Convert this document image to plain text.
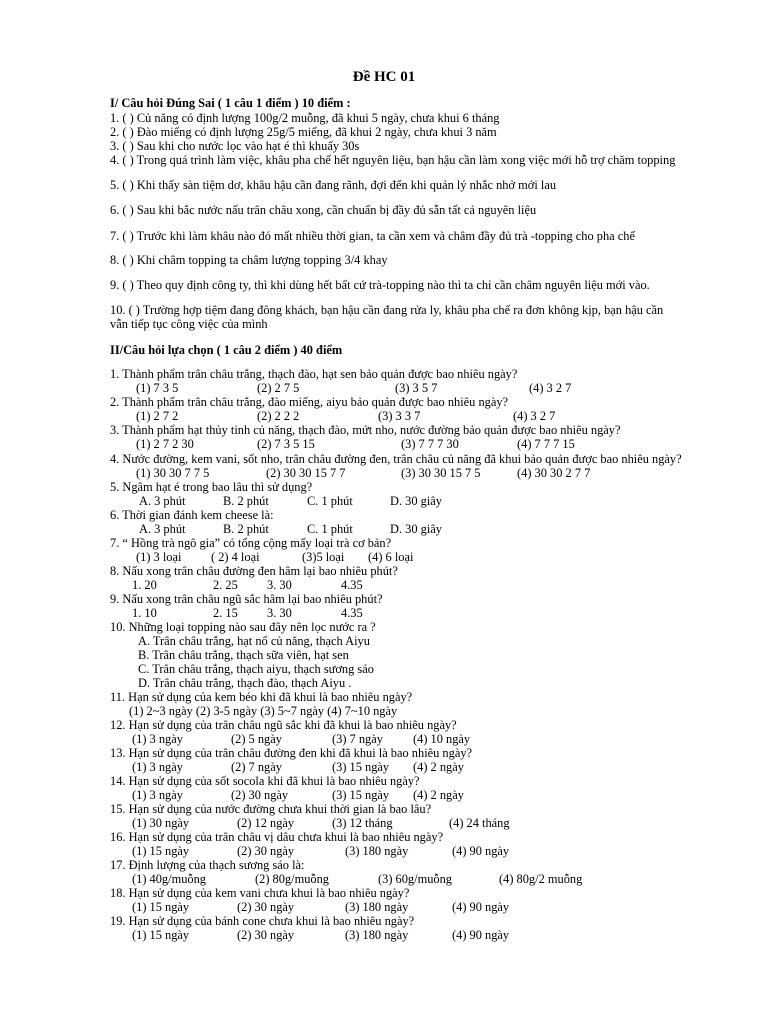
Đề HC 01
I/ Câu hỏi Đúng Sai ( 1 câu 1 điểm ) 10 điểm :
1. ( ) Củ năng có định lượng 100g/2 muỗng, đã khui 5 ngày, chưa khui 6 tháng
2. ( ) Đào miếng có định lượng 25g/5 miếng, đã khui 2 ngày, chưa khui 3 năm
3. ( ) Sau khi cho nước lọc vào hạt é thì khuấy 30s
4. ( ) Trong quá trình làm việc, khâu pha chế hết nguyên liệu, bạn hậu cần làm xong việc mới hỗ trợ chăm topping
5. ( ) Khi thấy sàn tiệm dơ, khâu hậu cần đang rãnh, đợi đến khi quản lý nhắc nhở mới lau
6. ( ) Sau khi bắc nước nấu trân châu xong, cần chuẩn bị đầy đủ sẵn tất cả nguyên liệu
7. ( ) Trước khi làm khâu nào đó mất nhiều thời gian, ta cần xem và châm đầy đủ trà -topping cho pha chế
8. ( ) Khi châm topping ta châm lượng topping 3/4 khay
9. ( ) Theo quy định công ty, thì khi dùng hết bất cứ trà-topping nào thì ta chỉ cần châm nguyên liệu mới vào.
10. ( ) Trường hợp tiệm đang đông khách, bạn hậu cần đang rửa ly, khâu pha chế ra đơn không kịp, bạn hậu cần
vẫn tiếp tục công việc của mình
II/Câu hỏi lựa chọn ( 1 câu 2 điểm ) 40 điểm
1. Thành phẩm trân châu trắng, thạch đào, hạt sen bảo quản được bao nhiêu ngày?
(1) 7 3 5	(2) 2 7 5	(3) 3 5 7	(4) 3 2 7
2. Thành phẩm trân châu trắng, đào miếng, aiyu bảo quản được bao nhiêu ngày?
(1) 2 7 2	(2) 2 2 2	(3) 3 3 7	(4) 3 2 7
3. Thành phẩm hạt thủy tinh củ năng, thạch đào, mứt nho, nước đường bảo quản được bao nhiêu ngày?
(1) 2 7 2 30	(2) 7 3 5 15	(3) 7 7 7 30	(4) 7 7 7 15
4. Nước đường, kem vani, sốt nho, trân châu đường đen, trân châu củ năng đã khui bảo quản được bao nhiêu ngày?
(1) 30 30 7 7 5	(2) 30 30 15 7 7	(3) 30 30 15 7 5	(4) 30 30 2 7 7
5. Ngâm hạt é trong bao lâu thì sử dụng?
A. 3 phút	B. 2 phút	C. 1 phút	D. 30 giây
6. Thời gian đánh kem cheese là:
A. 3 phút	B. 2 phút	C. 1 phút	D. 30 giây
7. “ Hồng trà ngô gia” có tổng cộng mấy loại trà cơ bản?
(1) 3 loại ( 2) 4 loại	(3)5 loại (4) 6 loại
8. Nấu xong trân châu đường đen hâm lại bao nhiêu phút?
1. 20	2. 25 3. 30	4.35
9. Nấu xong trân châu ngũ sắc hâm lại bao nhiêu phút?
1. 10	2. 15 3. 30	4.35
10. Những loại topping nào sau đây nên lọc nước ra ?
A. Trân châu trắng, hạt nổ củ năng, thạch Aiyu
B. Trân châu trắng, thạch sữa viên, hạt sen
C. Trân châu trắng, thạch aiyu, thạch sương sáo
D. Trân châu trắng, thạch đào, thạch Aiyu .
11. Hạn sử dụng của kem béo khi đã khui là bao nhiêu ngày?
(1) 2~3 ngày (2) 3-5 ngày (3) 5~7 ngày (4) 7~10 ngày
12. Hạn sử dụng của trân châu ngũ sắc khi đã khui là bao nhiêu ngày?
(1) 3 ngày	(2) 5 ngày	(3) 7 ngày (4) 10 ngày
13. Hạn sử dụng của trân châu đường đen khi đã khui là bao nhiêu ngày?
(1) 3 ngày	(2) 7 ngày	(3) 15 ngày (4) 2 ngày
14. Hạn sử dụng của sốt socola khi đã khui là bao nhiêu ngày?
(1) 3 ngày	(2) 30 ngày	(3) 15 ngày (4) 2 ngày
15. Hạn sử dụng của nước đường chưa khui thời gian là bao lâu?
(1) 30 ngày	(2) 12 ngày	(3) 12 tháng	(4) 24 tháng
16. Hạn sử dụng của trân châu vị dâu chưa khui là bao nhiêu ngày?
(1) 15 ngày	(2) 30 ngày	(3) 180 ngày	(4) 90 ngày
17. Định lượng của thạch sương sáo là:
(1) 40g/muỗng	(2) 80g/muỗng	(3) 60g/muỗng	(4) 80g/2 muỗng
18. Hạn sử dụng của kem vani chưa khui là bao nhiêu ngày?
(1) 15 ngày	(2) 30 ngày	(3) 180 ngày	(4) 90 ngày
19. Hạn sử dụng của bánh cone chưa khui là bao nhiêu ngày?
(1) 15 ngày	(2) 30 ngày	(3) 180 ngày	(4) 90 ngày
